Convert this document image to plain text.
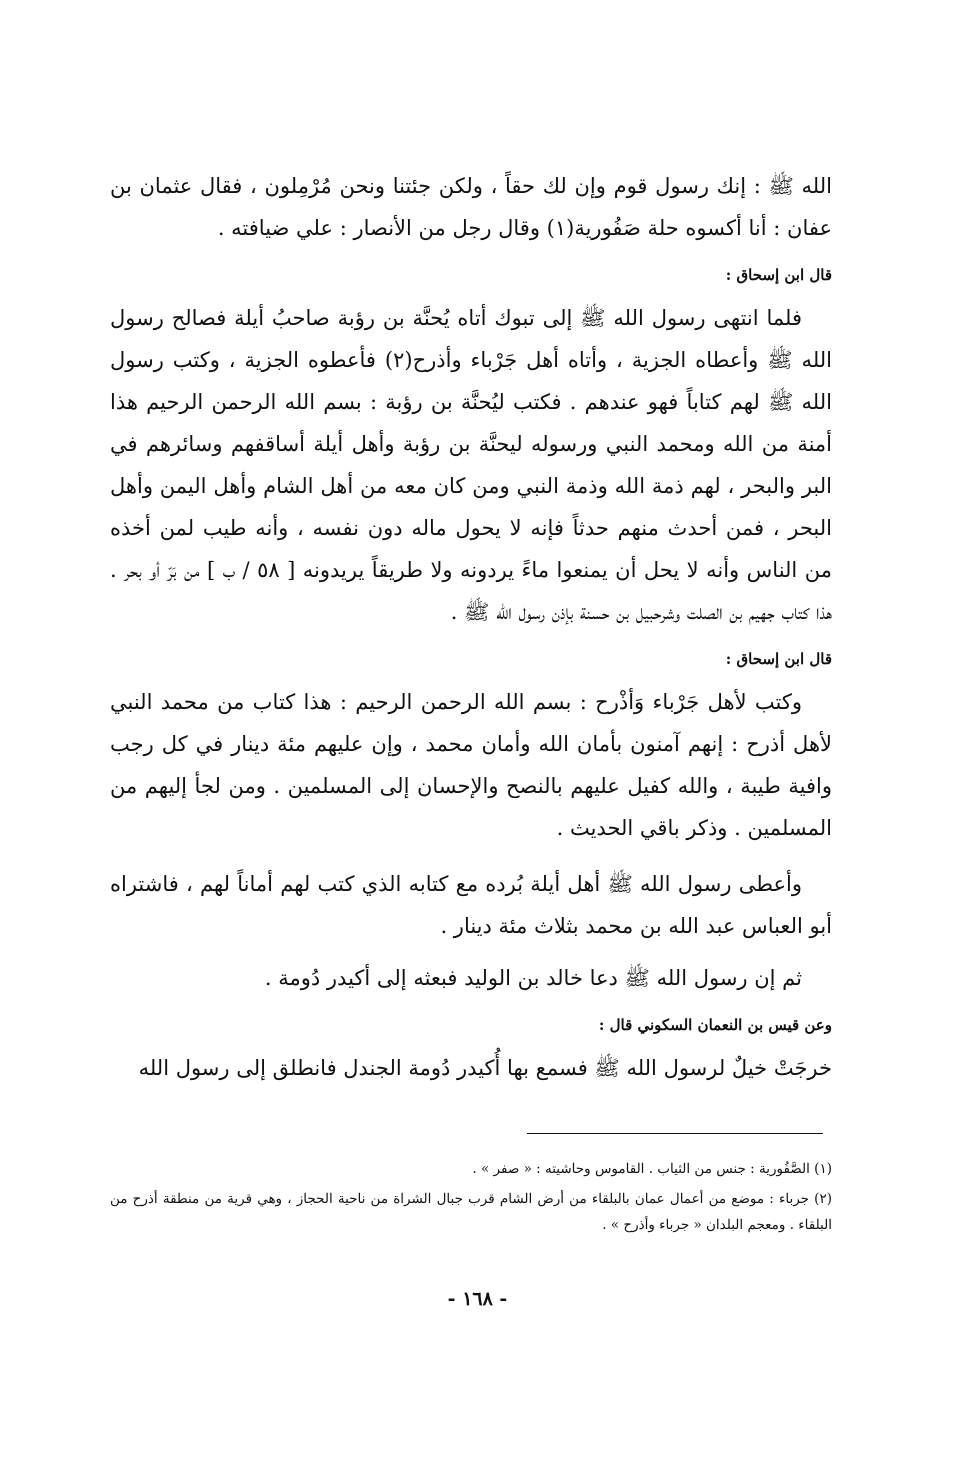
الله ﷺ : إنك رسول قوم وإن لك حقاً ، ولكن جئتنا ونحن مُرْمِلون ، فقال عثمان بن عفان : أنا أكسوه حلة صَفُورية(١) وقال رجل من الأنصار : علي ضيافته .

قال ابن إسحاق :

فلما انتهى رسول الله ﷺ إلى تبوك أتاه يُحنَّة بن رؤبة صاحبُ أيلة فصالح رسول الله ﷺ وأعطاه الجزية ، وأتاه أهل جَرْباء وأذرح(٢) فأعطوه الجزية ، وكتب رسول الله ﷺ لهم كتاباً فهو عندهم . فكتب ليُحنَّة بن رؤبة : بسم الله الرحمن الرحيم هذا أمنة من الله ومحمد النبي ورسوله ليحنَّة بن رؤبة وأهل أيلة أساقفهم وسائرهم في البر والبحر ، لهم ذمة الله وذمة النبي ومن كان معه من أهل الشام وأهل اليمن وأهل البحر ، فمن أحدث منهم حدثاً فإنه لا يحول ماله دون نفسه ، وأنه طيب لمن أخذه من الناس وأنه لا يحل أن يمنعوا ماءً يردونه ولا طريقاً يريدونه [ ٥٨ / ب ] من بَرّ أو بحر . هذا كتاب جهيم بن الصلت وشرحبيل بن حسنة بإذن رسول الله ﷺ .

قال ابن إسحاق :

وكتب لأهل جَرْباء وَأذْرح : بسم الله الرحمن الرحيم : هذا كتاب من محمد النبي لأهل أذرح : إنهم آمنون بأمان الله وأمان محمد ، وإن عليهم مئة دينار في كل رجب وافية طيبة ، والله كفيل عليهم بالنصح والإحسان إلى المسلمين . ومن لجأ إليهم من المسلمين . وذكر باقي الحديث .

وأعطى رسول الله ﷺ أهل أيلة بُرده مع كتابه الذي كتب لهم أماناً لهم ، فاشتراه أبو العباس عبد الله بن محمد بثلاث مئة دينار .

ثم إن رسول الله ﷺ دعا خالد بن الوليد فبعثه إلى أكيدر دُومة .

وعن قيس بن النعمان السكوني قال :

خرجَتْ خيلٌ لرسول الله ﷺ فسمع بها أُكيدر دُومة الجندل فانطلق إلى رسول الله

(١) الصَّفُورية : جنس من الثياب . القاموس وحاشيته : « صفر » .

(٢) جرباء : موضع من أعمال عمان بالبلقاء من أرض الشام قرب جبال الشراة من ناحية الحجاز ، وهي قرية من منطقة أذرح من البلقاء . ومعجم البلدان « جرباء وأذرح » .

- ١٦٨ -
